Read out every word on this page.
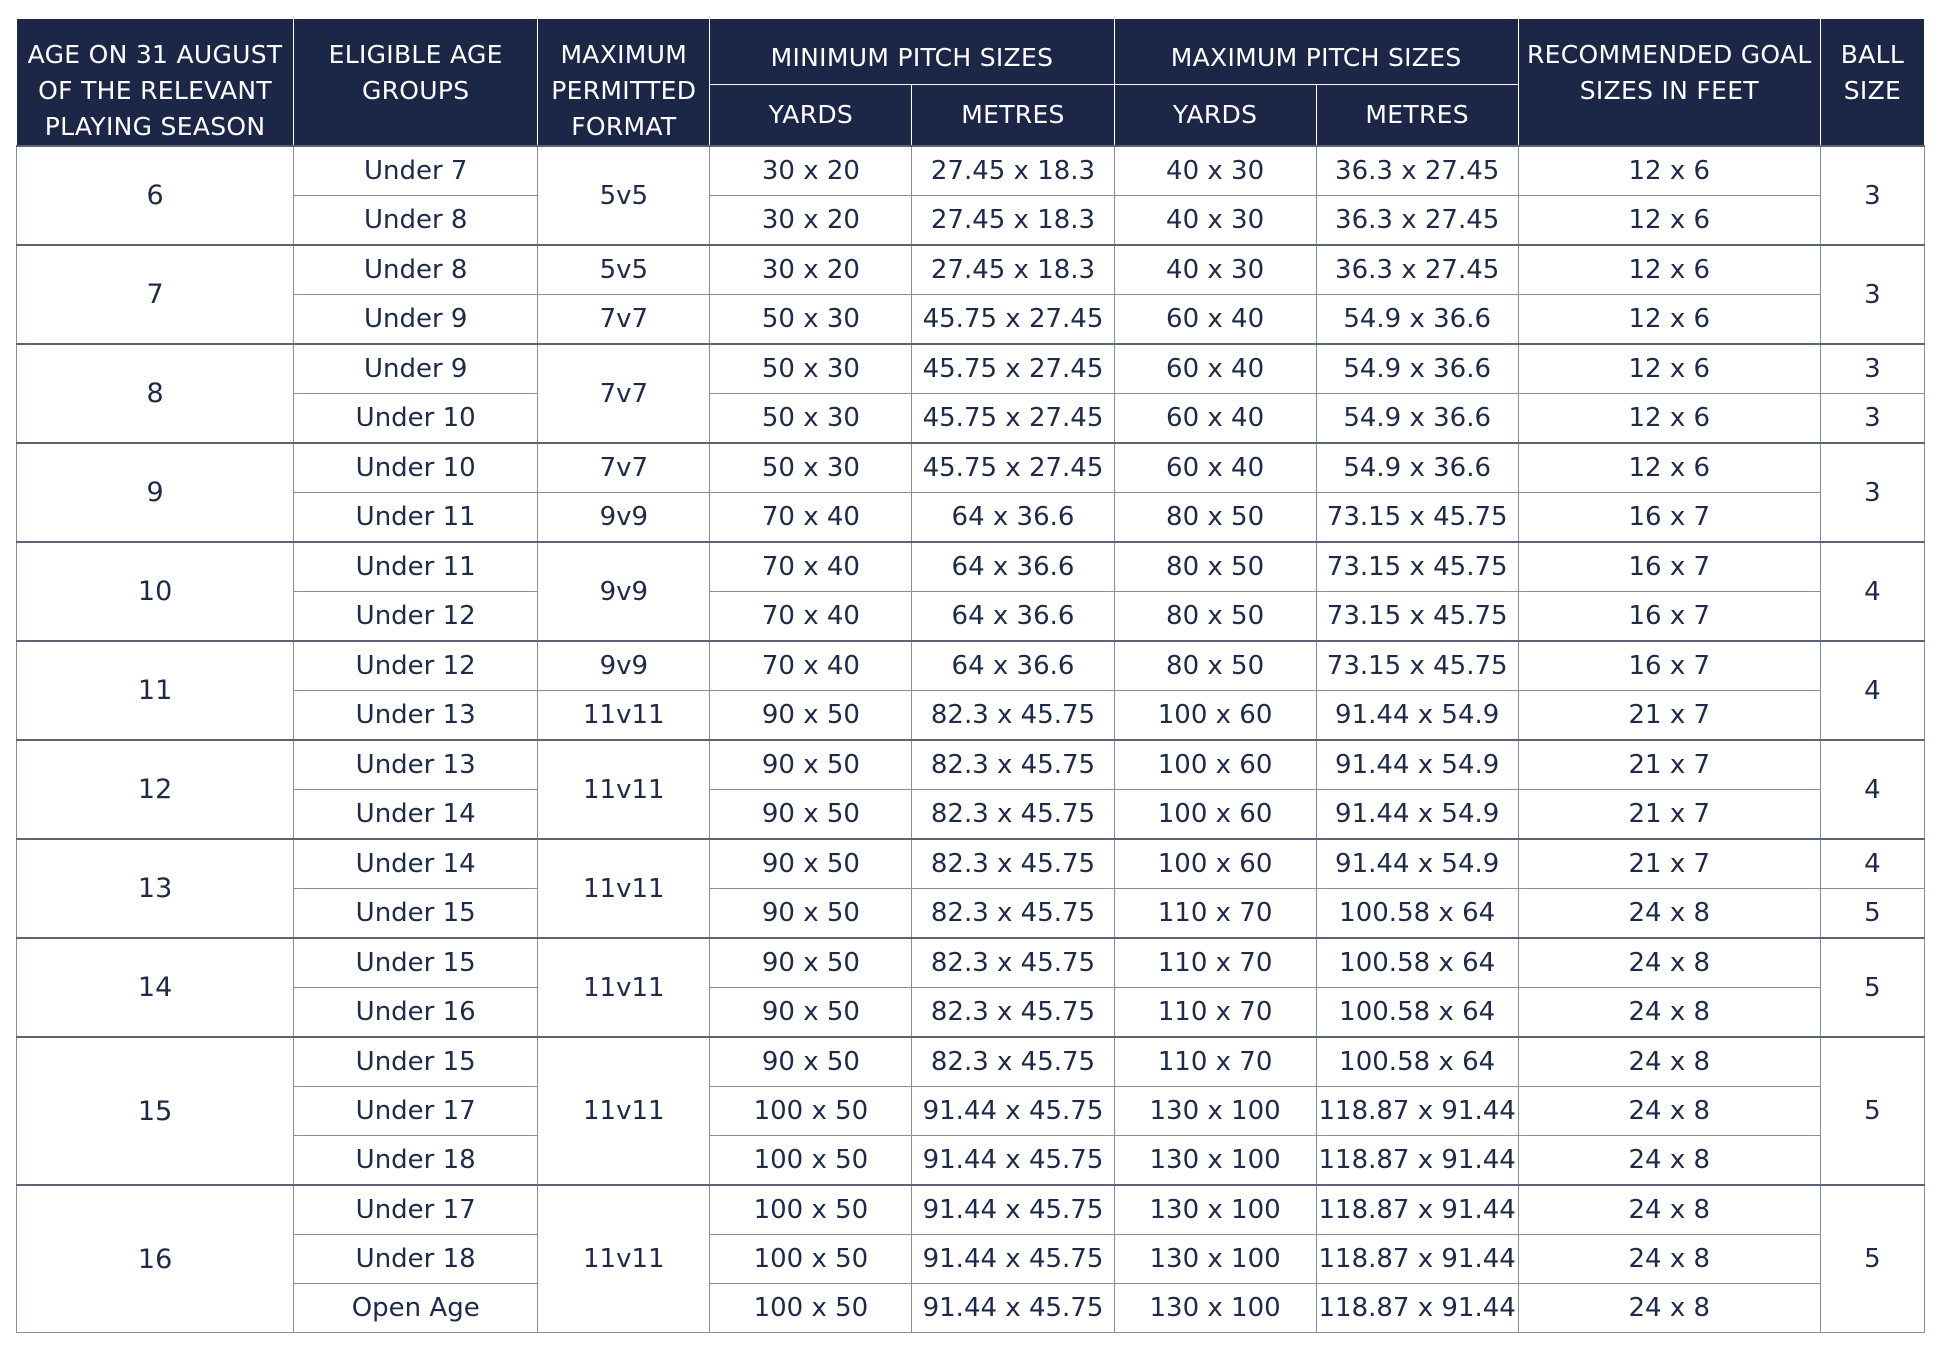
AGE ON 31 AUGUST OF THE RELEVANT PLAYING SEASON	ELIGIBLE AGE GROUPS	MAXIMUM PERMITTED FORMAT	MINIMUM PITCH SIZES		MAXIMUM PITCH SIZES		RECOMMENDED GOAL SIZES IN FEET	BALL SIZE
			YARDS	METRES	YARDS	METRES		
6	Under 7	5v5	30 x 20	27.45 x 18.3	40 x 30	36.3 x 27.45	12 x 6	3
	Under 8		30 x 20	27.45 x 18.3	40 x 30	36.3 x 27.45	12 x 6	
7	Under 8	5v5	30 x 20	27.45 x 18.3	40 x 30	36.3 x 27.45	12 x 6	3
	Under 9	7v7	50 x 30	45.75 x 27.45	60 x 40	54.9 x 36.6	12 x 6	
8	Under 9	7v7	50 x 30	45.75 x 27.45	60 x 40	54.9 x 36.6	12 x 6	3
	Under 10		50 x 30	45.75 x 27.45	60 x 40	54.9 x 36.6	12 x 6	3
9	Under 10	7v7	50 x 30	45.75 x 27.45	60 x 40	54.9 x 36.6	12 x 6	3
	Under 11	9v9	70 x 40	64 x 36.6	80 x 50	73.15 x 45.75	16 x 7	
10	Under 11	9v9	70 x 40	64 x 36.6	80 x 50	73.15 x 45.75	16 x 7	4
	Under 12		70 x 40	64 x 36.6	80 x 50	73.15 x 45.75	16 x 7	
11	Under 12	9v9	70 x 40	64 x 36.6	80 x 50	73.15 x 45.75	16 x 7	4
	Under 13	11v11	90 x 50	82.3 x 45.75	100 x 60	91.44 x 54.9	21 x 7	
12	Under 13	11v11	90 x 50	82.3 x 45.75	100 x 60	91.44 x 54.9	21 x 7	4
	Under 14		90 x 50	82.3 x 45.75	100 x 60	91.44 x 54.9	21 x 7	
13	Under 14	11v11	90 x 50	82.3 x 45.75	100 x 60	91.44 x 54.9	21 x 7	4
	Under 15		90 x 50	82.3 x 45.75	110 x 70	100.58 x 64	24 x 8	5
14	Under 15	11v11	90 x 50	82.3 x 45.75	110 x 70	100.58 x 64	24 x 8	5
	Under 16		90 x 50	82.3 x 45.75	110 x 70	100.58 x 64	24 x 8	
15	Under 15	11v11	90 x 50	82.3 x 45.75	110 x 70	100.58 x 64	24 x 8	5
	Under 17		100 x 50	91.44 x 45.75	130 x 100	118.87 x 91.44	24 x 8	
	Under 18		100 x 50	91.44 x 45.75	130 x 100	118.87 x 91.44	24 x 8	
16	Under 17	11v11	100 x 50	91.44 x 45.75	130 x 100	118.87 x 91.44	24 x 8	5
	Under 18		100 x 50	91.44 x 45.75	130 x 100	118.87 x 91.44	24 x 8	
	Open Age		100 x 50	91.44 x 45.75	130 x 100	118.87 x 91.44	24 x 8	
